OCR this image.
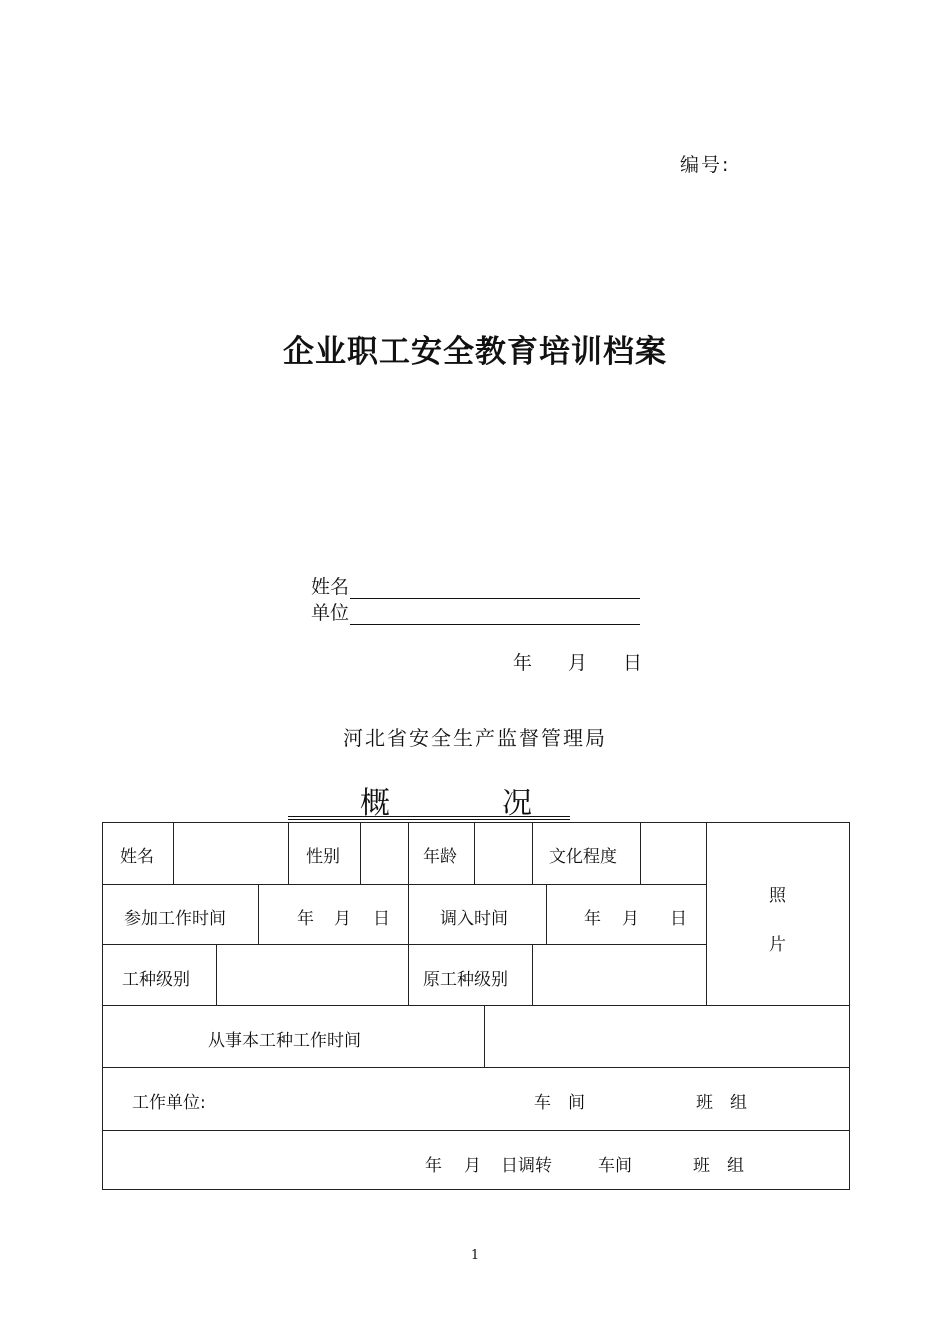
编号:
企业职工安全教育培训档案
姓名
单位
年 月 日
河北省安全生产监督管理局
概	况
姓名	性别	年龄	文化程度
照
片
参加工作时间	年 月 日	调入时间	年 月 日
工种级别	原工种级别
从事本工种工作时间
工作单位:	车　间	班　组
年 月 日调转	车间	班　组
1
